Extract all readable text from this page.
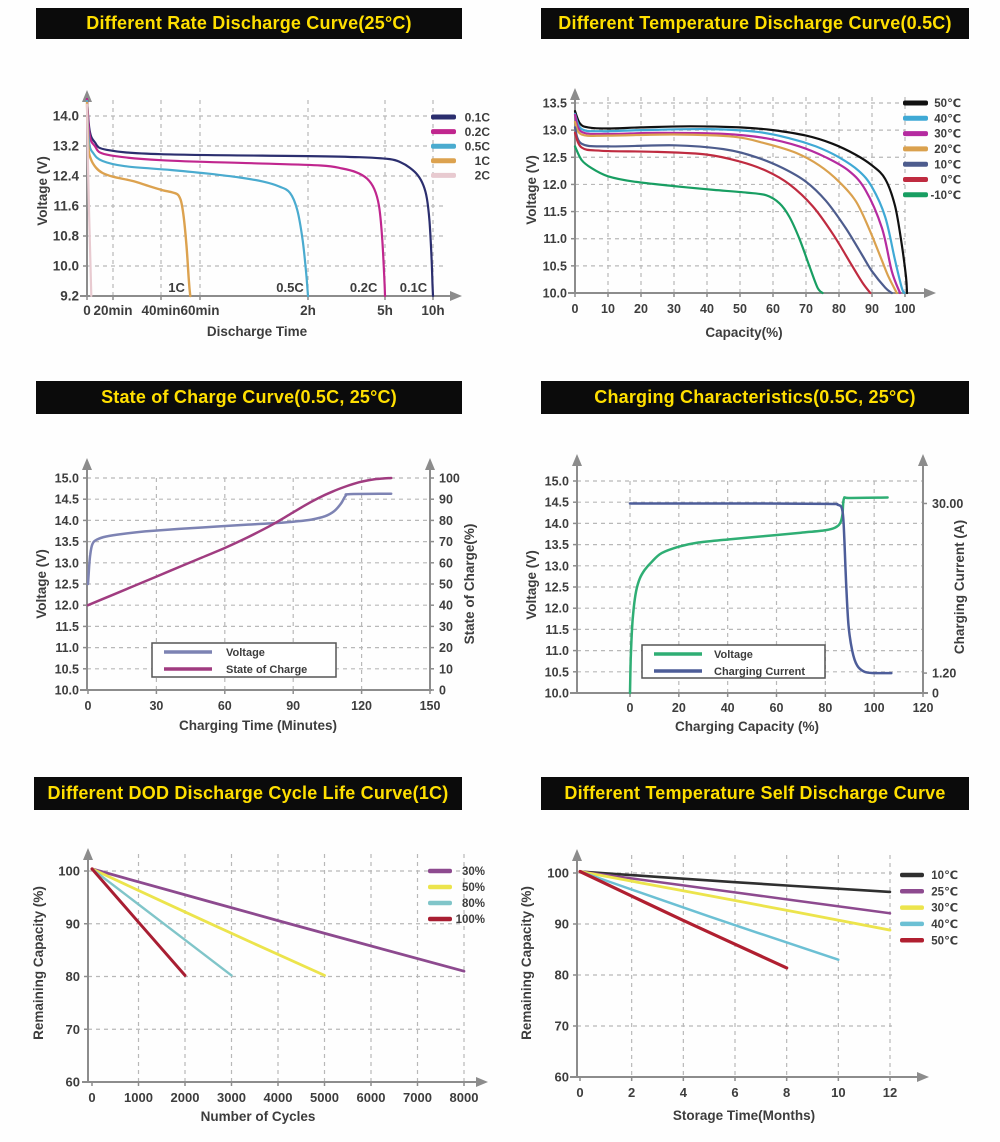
Different Rate Discharge Curve(25°C)	Different Temperature Discharge Curve(0.5C)
State of Charge Curve(0.5C, 25°C)	Charging Characteristics(0.5C, 25°C)
Different DOD Discharge Cycle Life Curve(1C)	Different Temperature Self Discharge Curve
0 20min 40min 60min	2h	5h 10h
14.0
13.2
12.4
11.6
10.8
10.0
9.2
Voltage (V)
Discharge Time
0.1C
0.2C
0.5C
1C
2C
1C	0.5C	0.2C 0.1C
0 10 20 30 40 50 60 70 80 90 100
13.5
13.0
12.5
12.0
11.5
11.0
10.5
10.0
Voltage (V)
Capacity(%)
50℃
40℃
30℃
20℃
10℃
0℃
-10℃
0	30	60	90	120	150
15.0
14.5
14.0
13.5
13.0
12.5
12.0
11.5
11.0
10.5
10.0
100
90
80
70
60
50
40
30
20
10
0
Voltage (V)
Charging Time (Minutes)
State of Charge(%)
Voltage
State of Charge
0	20	40	60	80	100 120
15.0
14.5
14.0
13.5
13.0
12.5
12.0
11.5
11.0
10.5
10.0
30.00
1.20
0
Voltage (V)
Charging Capacity (%)
Charging Current (A)
Voltage
Charging Current
0 1000 2000 3000 4000 5000 6000 7000 8000
100
90
80
70
60
Remaining Capacity (%)
Number of Cycles
30%
50%
80%
100%
0	2	4	6	8	10	12
100
90
80
70
60
Remaining Capacity (%)
Storage Time(Months)
10℃
25℃
30℃
40℃
50℃
